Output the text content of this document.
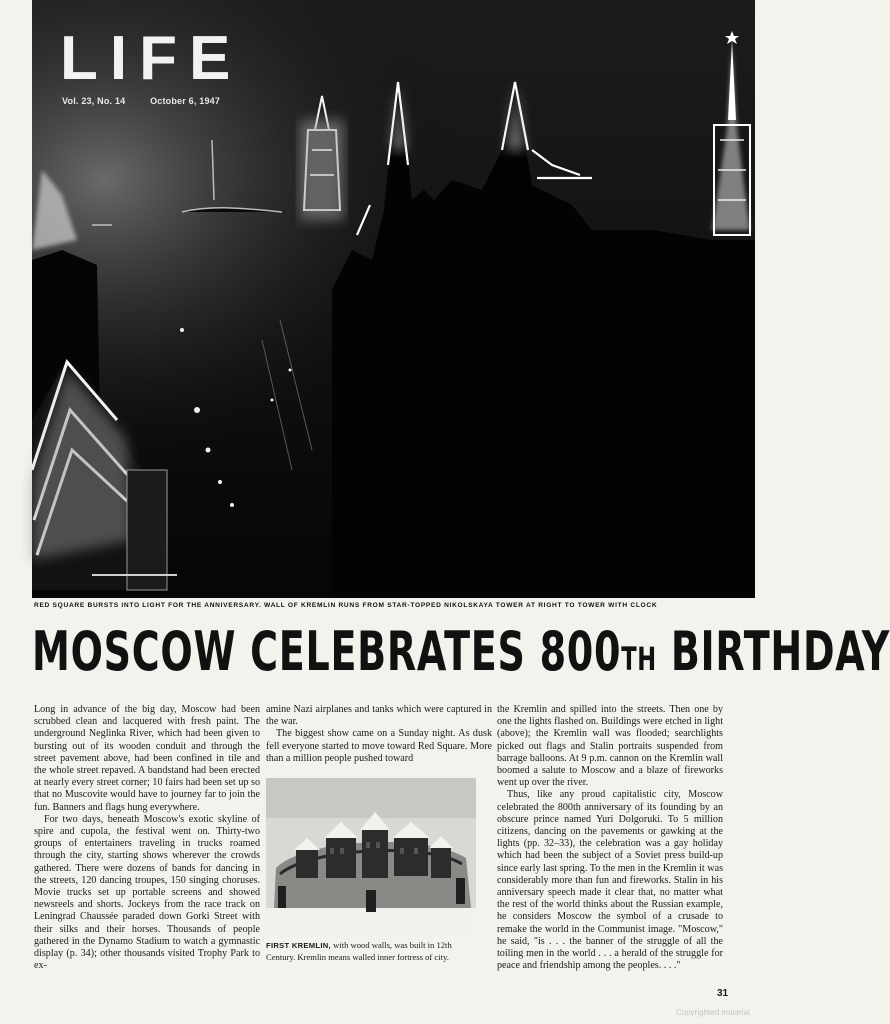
LIFE
Vol. 23, No. 14	October 6, 1947
RED SQUARE BURSTS INTO LIGHT FOR THE ANNIVERSARY. WALL OF KREMLIN RUNS FROM STAR-TOPPED NIKOLSKAYA TOWER AT RIGHT TO TOWER WITH CLOCK
MOSCOW CELEBRATES 800TH BIRTHDAY

Long in advance of the big day, Moscow had been scrubbed clean and lacquered with fresh paint. The underground Neglinka River, which had been given to bursting out of its wooden conduit and through the street pavement above, had been confined in tile and the whole street repaved. A bandstand had been erected at nearly every street corner; 10 fairs had been set up so that no Muscovite would have to journey far to join the fun. Banners and flags hung everywhere.

For two days, beneath Moscow's exotic skyline of spire and cupola, the festival went on. Thirty-two groups of entertainers traveling in trucks roamed through the city, starting shows wherever the crowds gathered. There were dozens of bands for dancing in the streets, 120 dancing troupes, 150 singing choruses. Movie trucks set up portable screens and showed newsreels and shorts. Jockeys from the race track on Leningrad Chaussée paraded down Gorki Street with their silks and their horses. Thousands of people gathered in the Dynamo Stadium to watch a gymnastic display (p. 34); other thousands visited Trophy Park to ex-

amine Nazi airplanes and tanks which were captured in the war.

The biggest show came on a Sunday night. As dusk fell everyone started to move toward Red Square. More than a million people pushed toward

FIRST KREMLIN, with wood walls, was built in 12th Century. Kremlin means walled inner fortress of city.

the Kremlin and spilled into the streets. Then one by one the lights flashed on. Buildings were etched in light (above); the Kremlin wall was flooded; searchlights picked out flags and Stalin portraits suspended from barrage balloons. At 9 p.m. cannon on the Kremlin wall boomed a salute to Moscow and a blaze of fireworks went up over the river.

Thus, like any proud capitalistic city, Moscow celebrated the 800th anniversary of its founding by an obscure prince named Yuri Dolgoruki. To 5 million citizens, dancing on the pavements or gawking at the lights (pp. 32–33), the celebration was a gay holiday which had been the subject of a Soviet press build-up since early last spring. To the men in the Kremlin it was considerably more than fun and fireworks. Stalin in his anniversary speech made it clear that, no matter what the rest of the world thinks about the Russian example, he considers Moscow the symbol of a crusade to remake the world in the Communist image. "Moscow," he said, "is . . . the banner of the struggle of all the toiling men in the world . . . a herald of the struggle for peace and friendship among the peoples. . . ."

31
Copyrighted material
